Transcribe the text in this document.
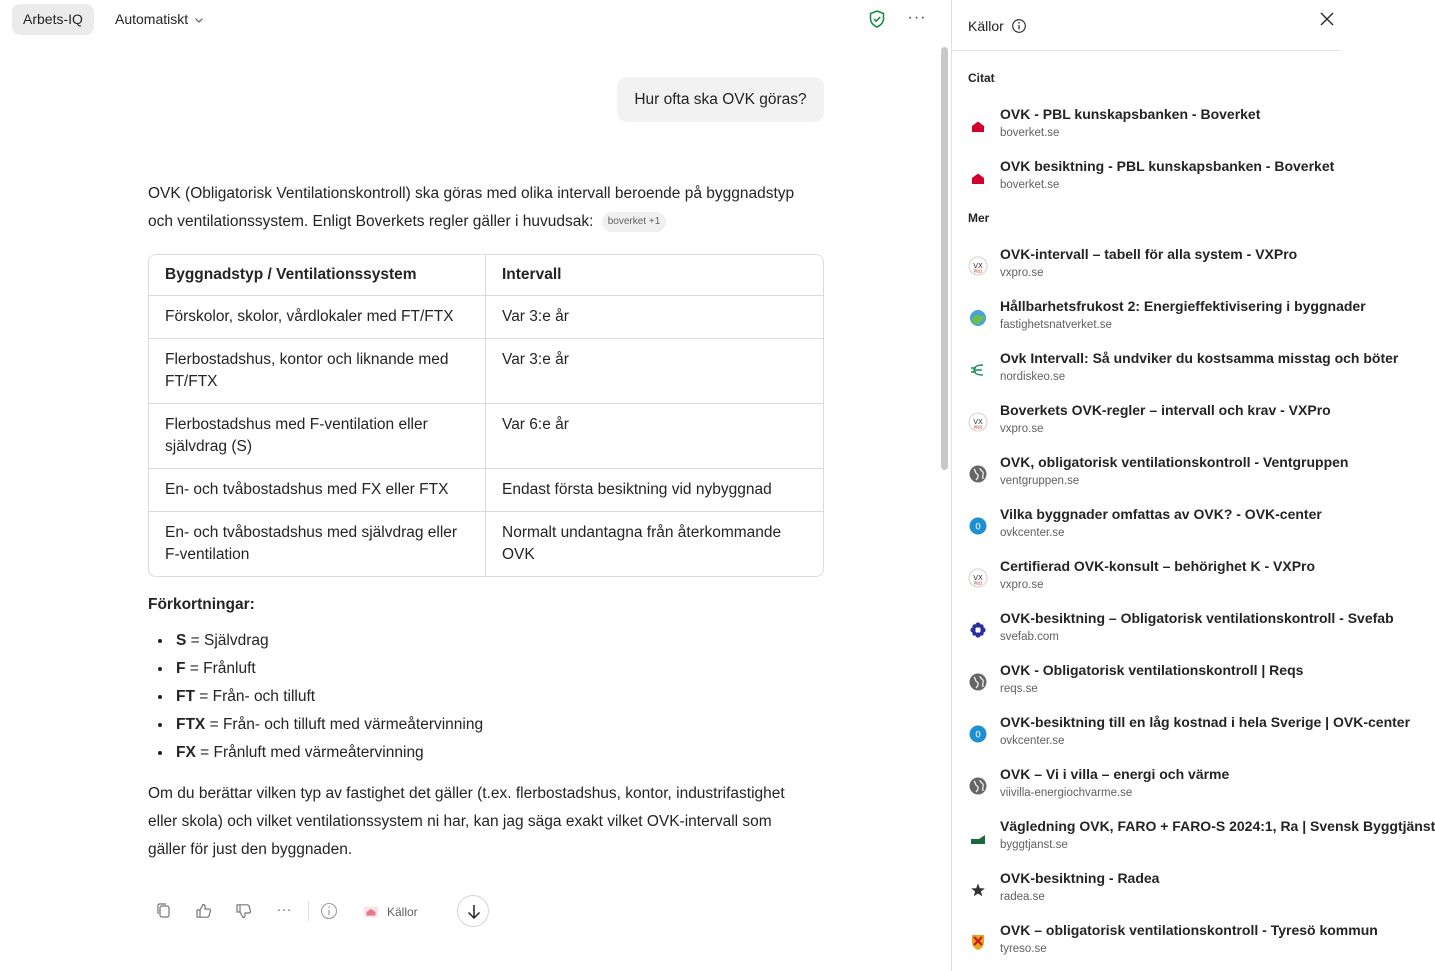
Arbets-IQ	Automatiskt	···
Hur ofta ska OVK göras?
OVK (Obligatorisk Ventilationskontroll) ska göras med olika intervall beroende på byggnadstyp
och ventilationssystem. Enligt Boverkets regler gäller i huvudsak: boverket +1
Byggnadstyp / Ventilationssystem	Intervall
Förskolor, skolor, vårdlokaler med FT/FTX	Var 3:e år
Flerbostadshus, kontor och liknande med FT/FTX	Var 3:e år
Flerbostadshus med F-ventilation eller självdrag (S)	Var 6:e år
En- och tvåbostadshus med FX eller FTX	Endast första besiktning vid nybyggnad
En- och tvåbostadshus med självdrag eller F-ventilation	Normalt undantagna från återkommande OVK
Förkortningar:
S = Självdrag
F = Frånluft
FT = Från- och tilluft
FTX = Från- och tilluft med värmeåtervinning
FX = Frånluft med värmeåtervinning
Om du berättar vilken typ av fastighet det gäller (t.ex. flerbostadshus, kontor, industrifastighet
eller skola) och vilket ventilationssystem ni har, kan jag säga exakt vilket OVK-intervall som
gäller för just den byggnaden.
···	Källor
Källor
Citat
OVK - PBL kunskapsbanken - Boverket
boverket.se
OVK besiktning - PBL kunskapsbanken - Boverket
boverket.se
Mer
VX
PRO
OVK-intervall – tabell för alla system - VXPro
vxpro.se
Hållbarhetsfrukost 2: Energieffektivisering i byggnader
fastighetsnatverket.se
Ovk Intervall: Så undviker du kostsamma misstag och böter
nordiskeo.se
VX
PRO
Boverkets OVK-regler – intervall och krav - VXPro
vxpro.se
OVK, obligatorisk ventilationskontroll - Ventgruppen
ventgruppen.se
0
Vilka byggnader omfattas av OVK? - OVK-center
ovkcenter.se
VX
PRO
Certifierad OVK-konsult – behörighet K - VXPro
vxpro.se
OVK-besiktning – Obligatorisk ventilationskontroll - Svefab
svefab.com
OVK - Obligatorisk ventilationskontroll | Reqs
reqs.se
0
OVK-besiktning till en låg kostnad i hela Sverige | OVK-center
ovkcenter.se
OVK – Vi i villa – energi och värme
viivilla-energiochvarme.se
Vägledning OVK, FARO + FARO-S 2024:1, Ra | Svensk Byggtjänst
byggtjanst.se
OVK-besiktning - Radea
radea.se
OVK – obligatorisk ventilationskontroll - Tyresö kommun
tyreso.se
